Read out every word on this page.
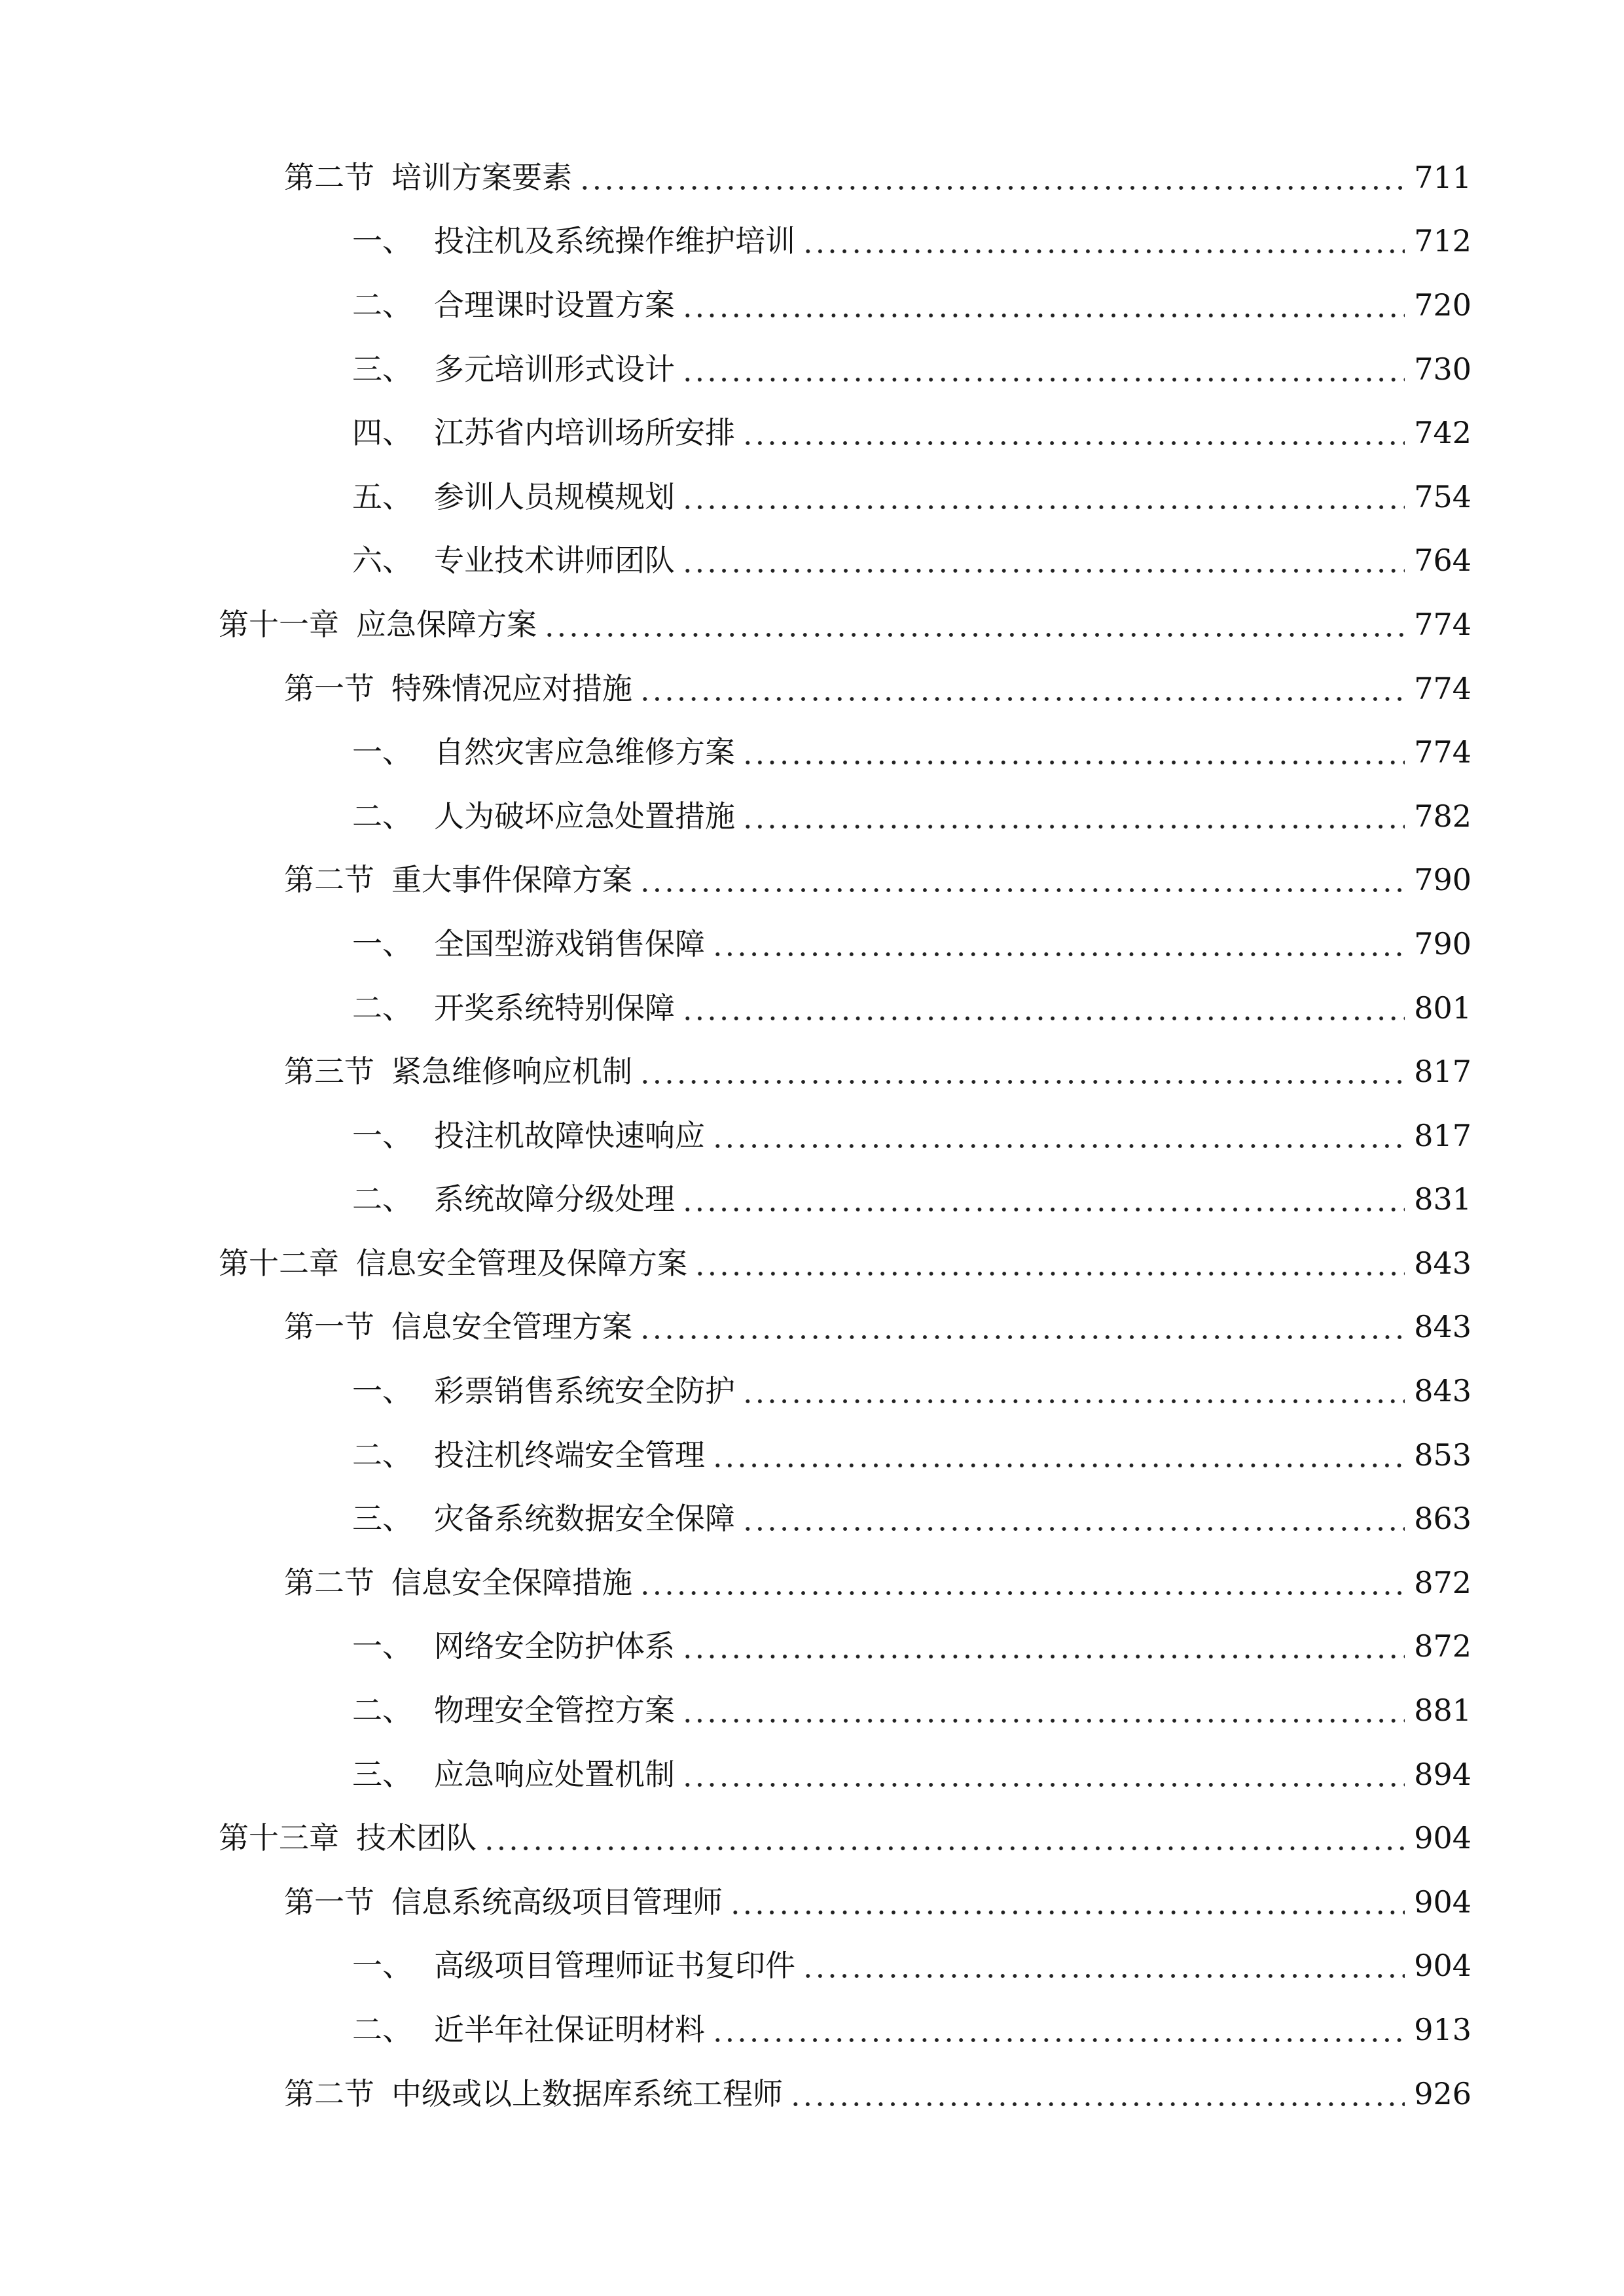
第二节 培训方案要素	711
一、 投注机及系统操作维护培训	712
二、 合理课时设置方案	720
三、 多元培训形式设计	730
四、 江苏省内培训场所安排	742
五、 参训人员规模规划	754
六、 专业技术讲师团队	764
第十一章 应急保障方案	774
第一节 特殊情况应对措施	774
一、 自然灾害应急维修方案	774
二、 人为破坏应急处置措施	782
第二节 重大事件保障方案	790
一、 全国型游戏销售保障	790
二、 开奖系统特别保障	801
第三节 紧急维修响应机制	817
一、 投注机故障快速响应	817
二、 系统故障分级处理	831
第十二章 信息安全管理及保障方案	843
第一节 信息安全管理方案	843
一、 彩票销售系统安全防护	843
二、 投注机终端安全管理	853
三、 灾备系统数据安全保障	863
第二节 信息安全保障措施	872
一、 网络安全防护体系	872
二、 物理安全管控方案	881
三、 应急响应处置机制	894
第十三章 技术团队	904
第一节 信息系统高级项目管理师	904
一、 高级项目管理师证书复印件	904
二、 近半年社保证明材料	913
第二节 中级或以上数据库系统工程师	926
